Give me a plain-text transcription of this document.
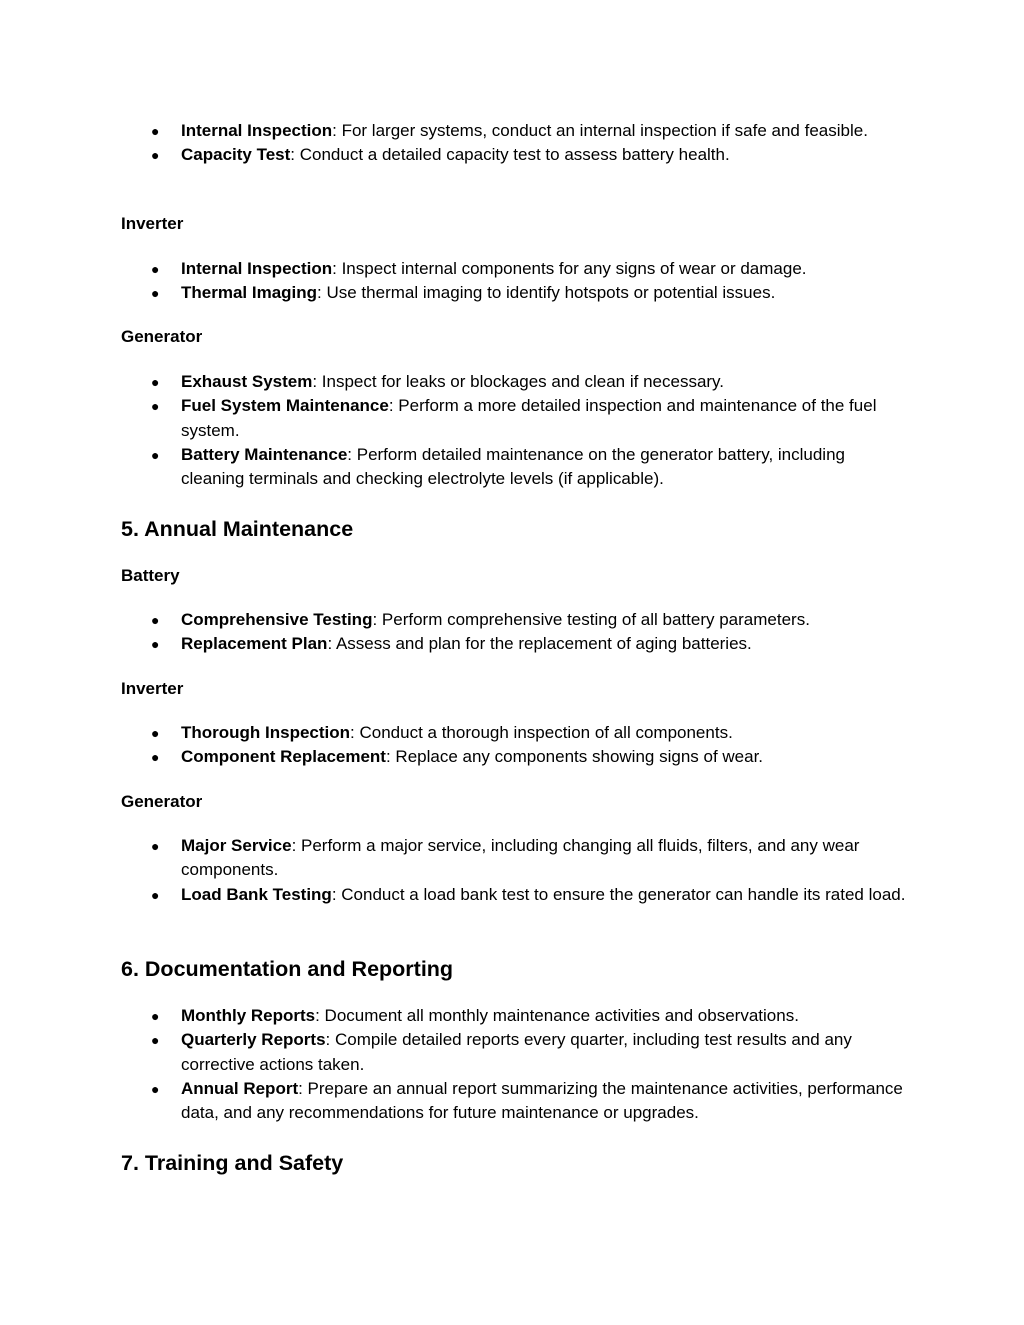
● Internal Inspection: For larger systems, conduct an internal inspection if safe and feasible.
● Capacity Test: Conduct a detailed capacity test to assess battery health.
Inverter
● Internal Inspection: Inspect internal components for any signs of wear or damage.
● Thermal Imaging: Use thermal imaging to identify hotspots or potential issues.
Generator
● Exhaust System: Inspect for leaks or blockages and clean if necessary.
● Fuel System Maintenance: Perform a more detailed inspection and maintenance of the fuel system.
● Battery Maintenance: Perform detailed maintenance on the generator battery, including cleaning terminals and checking electrolyte levels (if applicable).
5. Annual Maintenance
Battery
● Comprehensive Testing: Perform comprehensive testing of all battery parameters.
● Replacement Plan: Assess and plan for the replacement of aging batteries.
Inverter
● Thorough Inspection: Conduct a thorough inspection of all components.
● Component Replacement: Replace any components showing signs of wear.
Generator
● Major Service: Perform a major service, including changing all fluids, filters, and any wear components.
● Load Bank Testing: Conduct a load bank test to ensure the generator can handle its rated load.
6. Documentation and Reporting
● Monthly Reports: Document all monthly maintenance activities and observations.
● Quarterly Reports: Compile detailed reports every quarter, including test results and any corrective actions taken.
● Annual Report: Prepare an annual report summarizing the maintenance activities, performance data, and any recommendations for future maintenance or upgrades.
7. Training and Safety
